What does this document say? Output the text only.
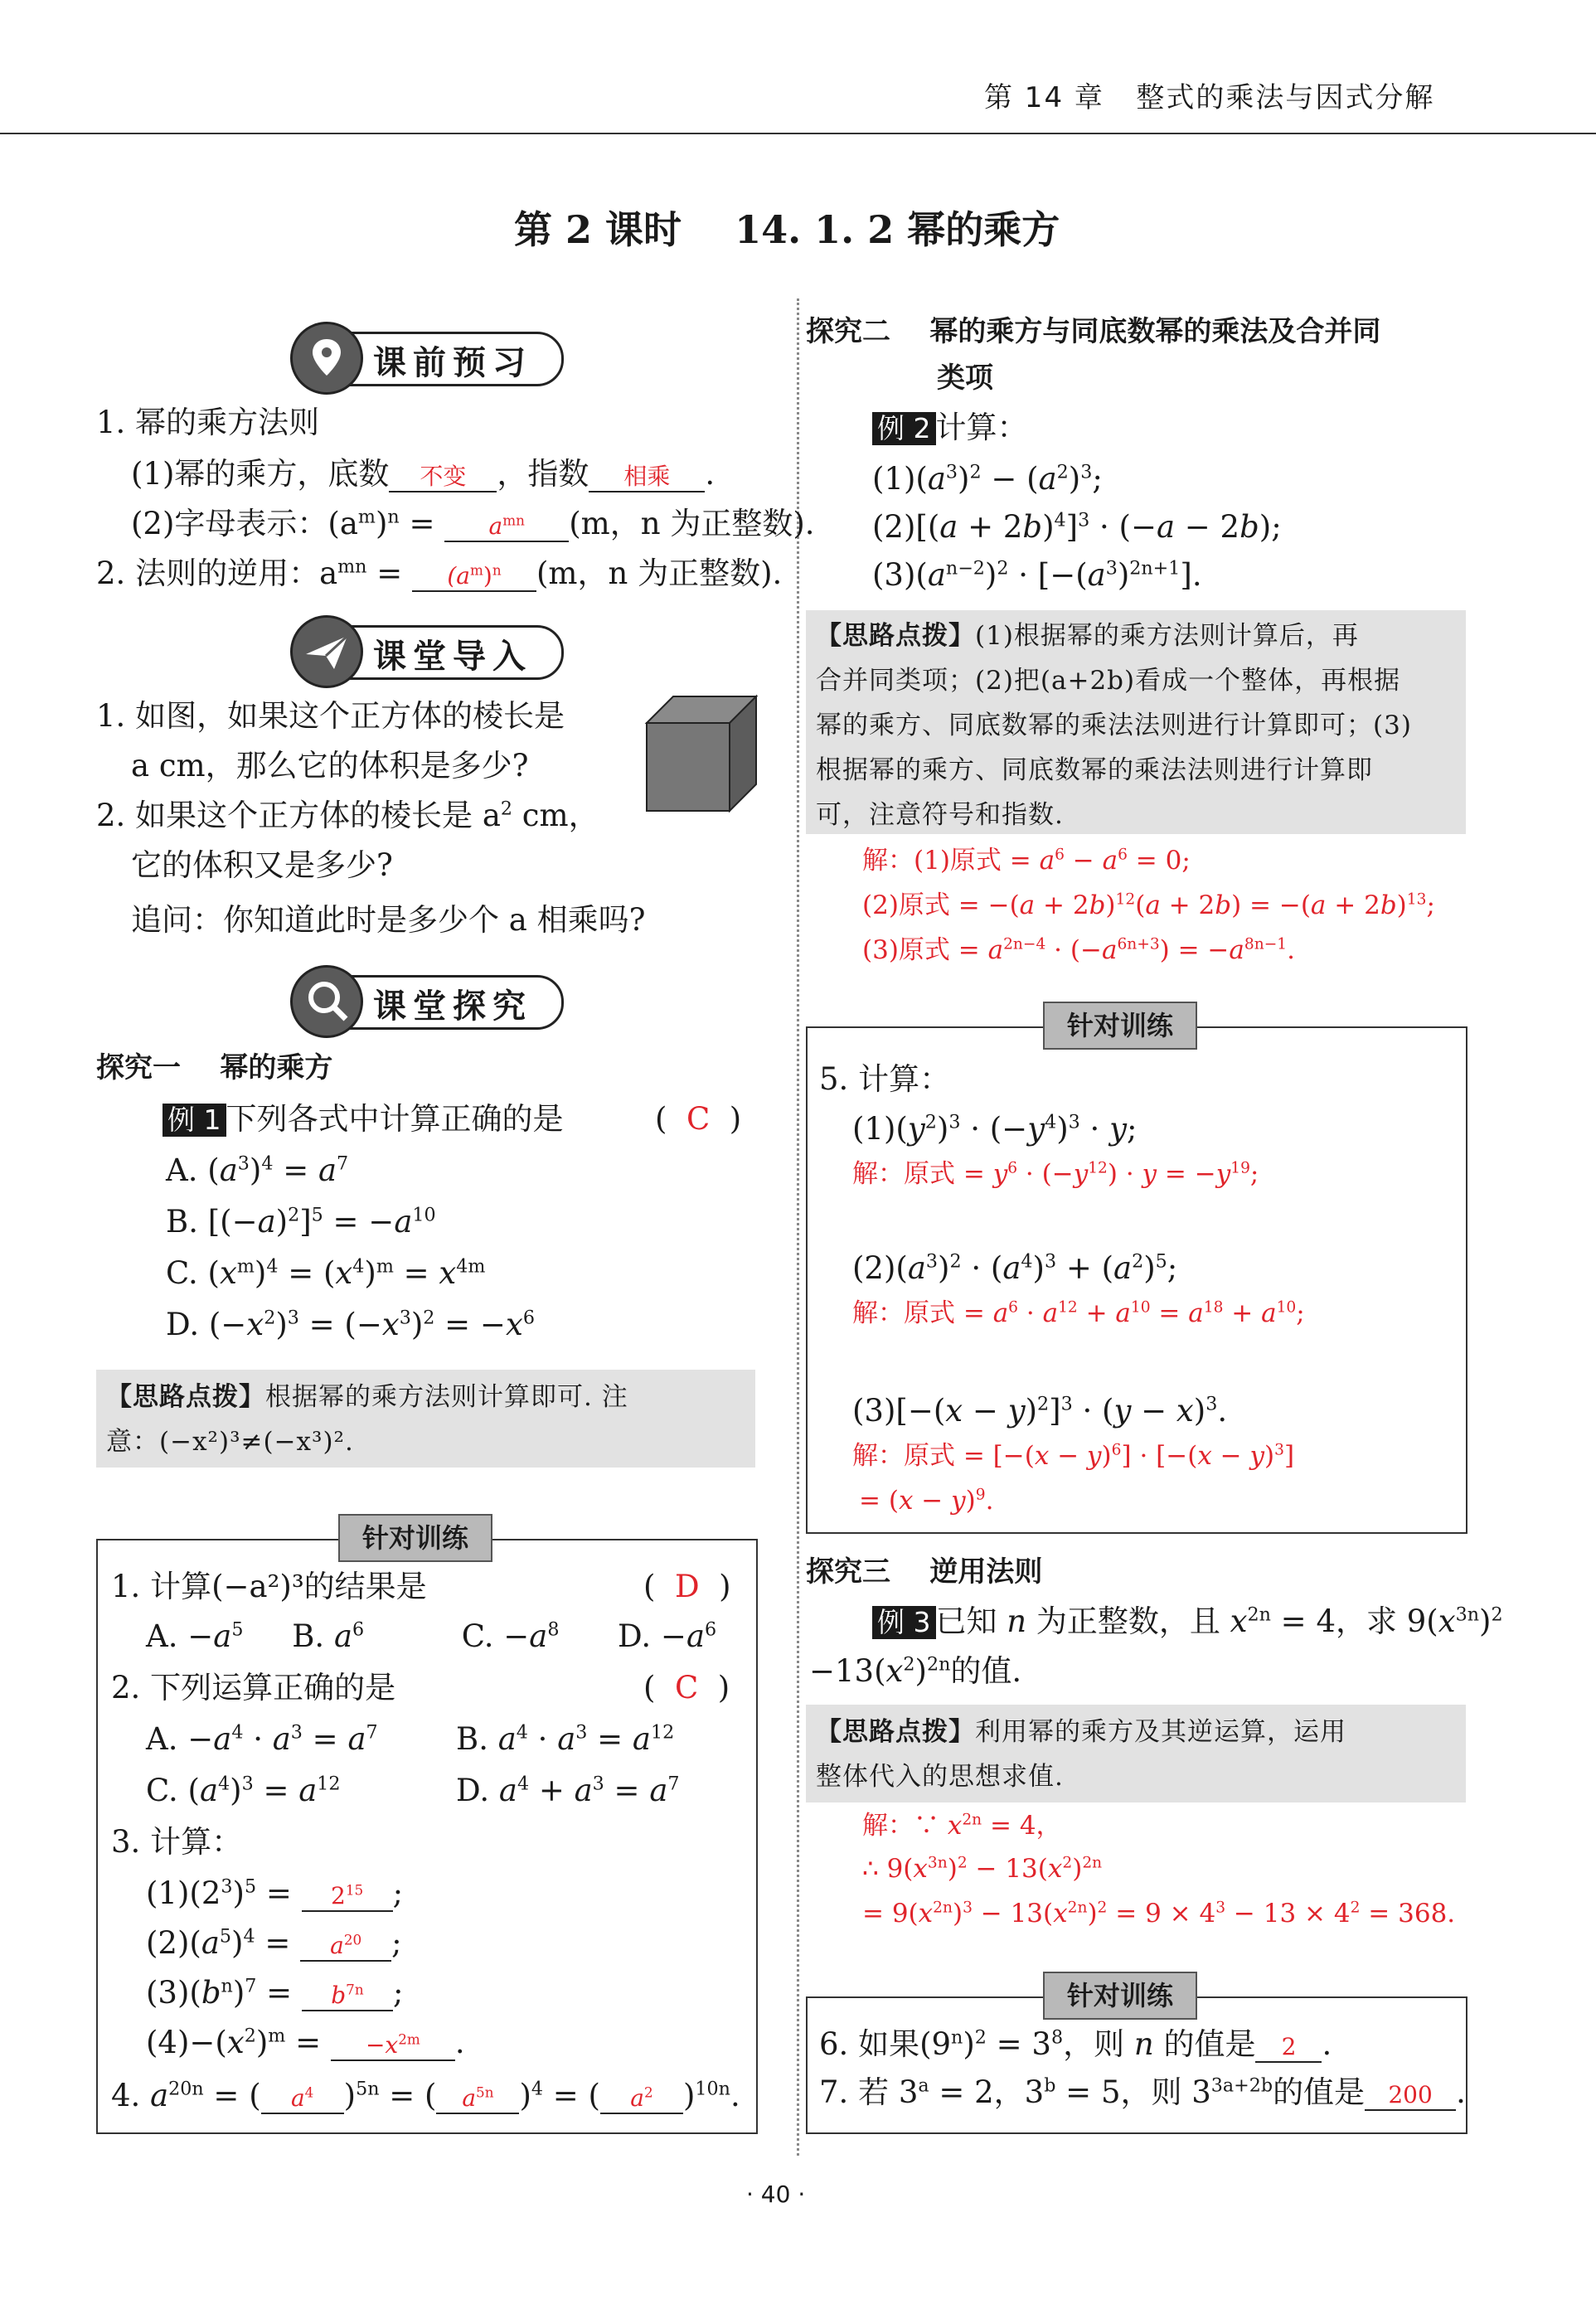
第 14 章 整式的乘法与因式分解
第 2 课时 14. 1. 2 幂的乘方
课前预习
1. 幂的乘方法则
(1)幂的乘方，底数 不变 ，指数 相乘 .
(2)字母表示：$(a^m)^n = a^{mn}$ (m，n 为正整数).
2. 法则的逆用：$a^{mn} = (a^m)^n$ (m，n 为正整数).
课堂导入
1. 如图，如果这个正方体的棱长是
a cm，那么它的体积是多少?
2. 如果这个正方体的棱长是 $a^2$ cm，
它的体积又是多少?
追问：你知道此时是多少个 a 相乘吗?
课堂探究
探究一 幂的乘方
例 1 下列各式中计算正确的是	(  C  )
A. $(a^3)^4 = a^7$
B. $[(-a)^2]^5 = -a^{10}$
C. $(x^m)^4 = (x^4)^m = x^{4m}$
D. $(-x^2)^3 = (-x^3)^2 = -x^6$

【思路点拨】根据幂的乘方法则计算即可. 注

意：(−x²)³≠(−x³)².

针对训练
1. 计算(−a²)³的结果是	(  D  )
A. $-a^5$     B. $a^6$          C. $-a^8$      D. $-a^6$
2. 下列运算正确的是	(  C  )
A. $-a^4 \cdot a^3 = a^7$	B. $a^4 \cdot a^3 = a^{12}$
C. $(a^4)^3 = a^{12}$	D. $a^4 + a^3 = a^7$
3. 计算：
$(1)(2^3)^5 = 2^{15}$ ;
$(2)(a^5)^4 = a^{20}$ ;
$(3)(b^n)^7 = b^{7n}$ ;
$(4)-(x^2)^m = -x^{2m}$ .
4. $a^{20n}$ = ( $a^4$ )$^{5n}$ = ( $a^{5n}$ )$^4$ = ( $a^2$ )$^{10n}$.
探究二 幂的乘方与同底数幂的乘法及合并同
类项
例 2 计算：
$(1)(a^3)^2 - (a^2)^3$;
$(2)[(a + 2b)^4]^3 \cdot (-a - 2b)$;
$(3)(a^{n-2})^2 \cdot [-(a^3)^{2n+1}]$.

【思路点拨】(1)根据幂的乘方法则计算后，再

合并同类项；(2)把(a+2b)看成一个整体，再根据

幂的乘方、同底数幂的乘法法则进行计算即可；(3)

根据幂的乘方、同底数幂的乘法法则进行计算即

可，注意符号和指数.

解：(1)原式 = $a^6 - a^6 = 0$;
(2)原式 = $-(a + 2b)^{12}(a + 2b) = -(a + 2b)^{13}$;
(3)原式 = $a^{2n-4} \cdot (-a^{6n+3}) = -a^{8n-1}$.
针对训练
5. 计算：
$(1)(y^2)^3 \cdot (-y^4)^3 \cdot y$;
解：原式 = $y^6 \cdot (-y^{12}) \cdot y = -y^{19}$;
$(2)(a^3)^2 \cdot (a^4)^3 + (a^2)^5$;
解：原式 = $a^6 \cdot a^{12} + a^{10} = a^{18} + a^{10}$;
$(3)[-(x - y)^2]^3 \cdot (y - x)^3$.
解：原式 = $[-(x - y)^6] \cdot [-(x - y)^3]$
= $(x - y)^9$.
探究三 逆用法则
例 3 已知 n 为正整数，且 $x^{2n} = 4$，求 $9(x^{3n})^2$
$-13(x^2)^{2n}$的值.

【思路点拨】利用幂的乘方及其逆运算，运用

整体代入的思想求值.

解：∵ $x^{2n} = 4$，
∴ $9(x^{3n})^2 - 13(x^2)^{2n}$
= $9(x^{2n})^3 - 13(x^{2n})^2 = 9 \times 4^3 - 13 \times 4^2 = 368$.
针对训练
6. 如果$(9^n)^2 = 3^8$，则 n 的值是 2 .
7. 若 $3^a = 2$，$3^b = 5$，则 $3^{3a+2b}$的值是 200 .
· 40 ·
